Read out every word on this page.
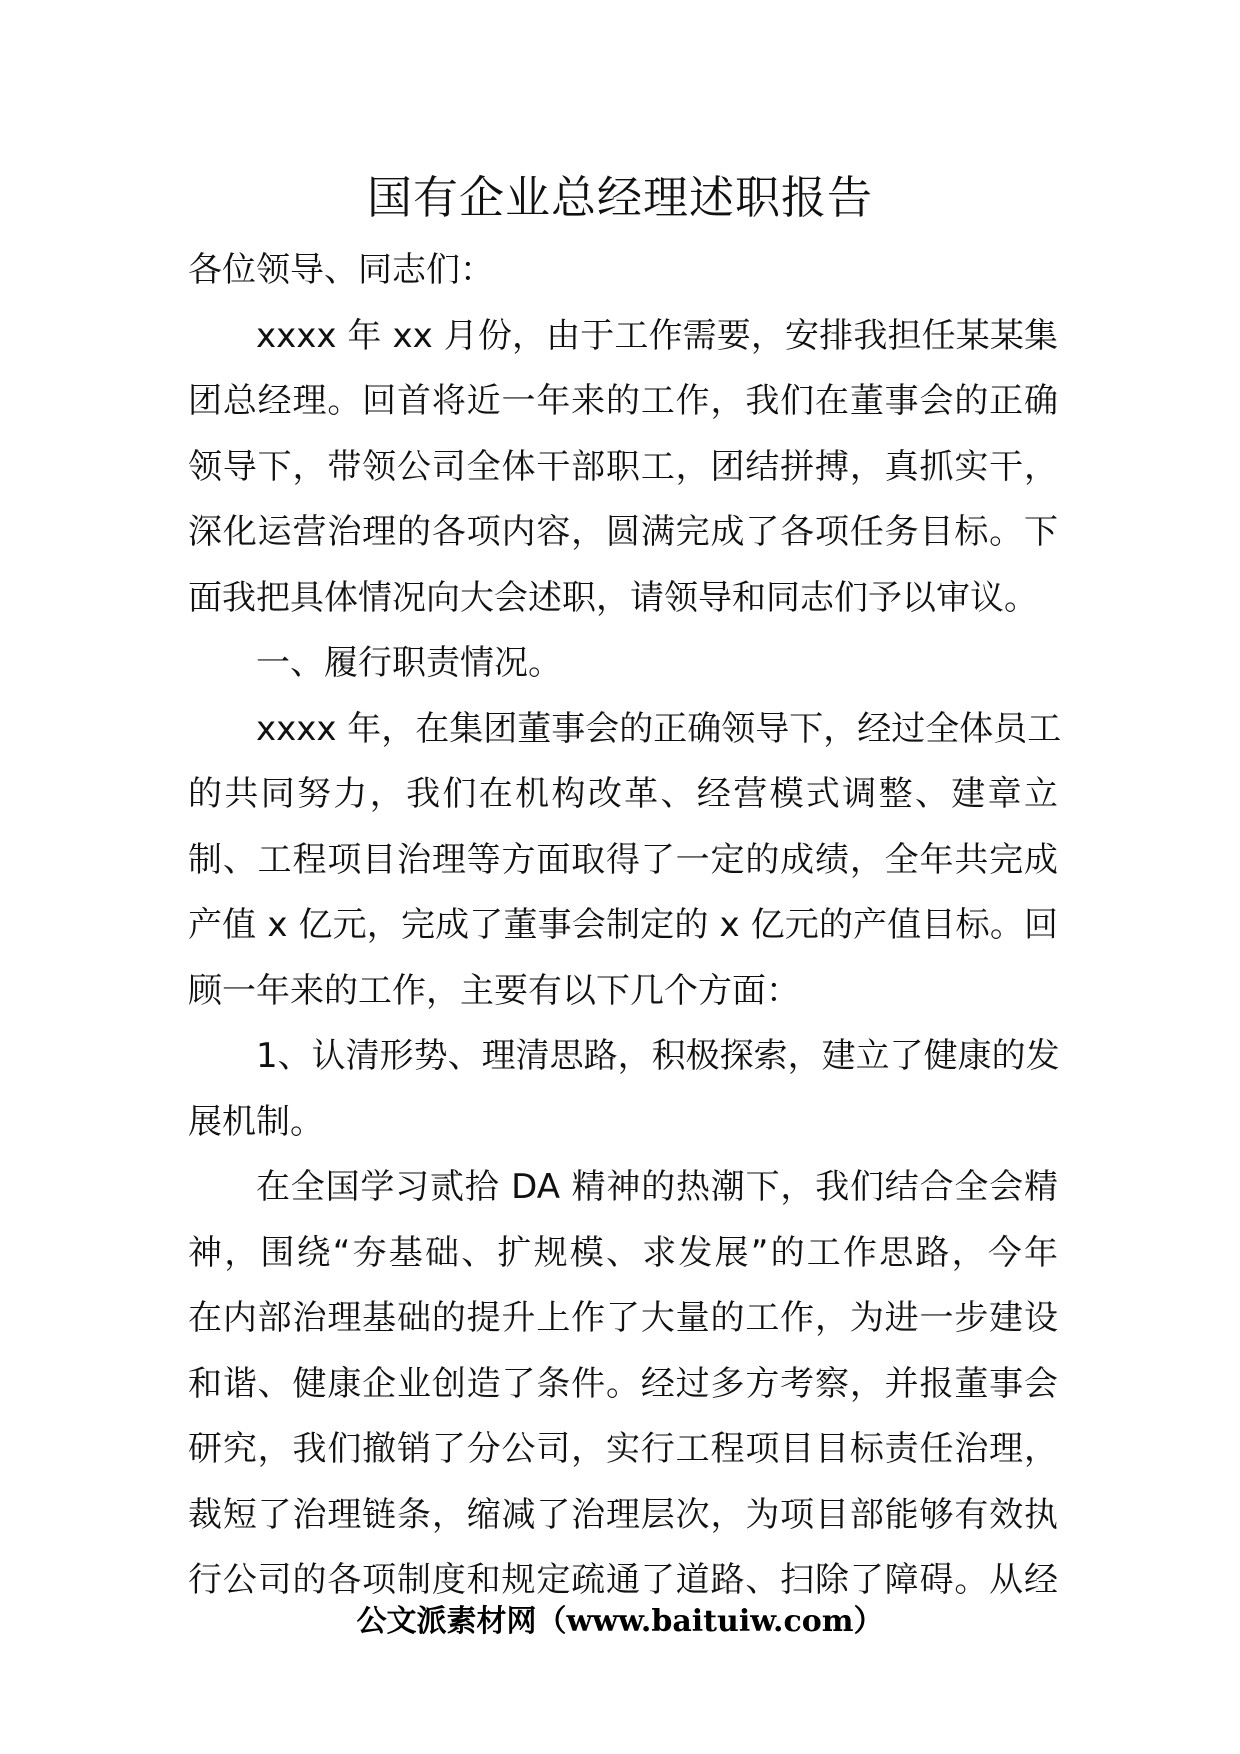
国有企业总经理述职报告
各位领导、同志们：
xxxx 年 xx 月份，由于工作需要，安排我担任某某集
团总经理。回首将近一年来的工作，我们在董事会的正确
领导下，带领公司全体干部职工，团结拼搏，真抓实干，
深化运营治理的各项内容，圆满完成了各项任务目标。下
面我把具体情况向大会述职，请领导和同志们予以审议。
一、履行职责情况。
xxxx 年，在集团董事会的正确领导下，经过全体员工
的共同努力，我们在机构改革、经营模式调整、建章立
制、工程项目治理等方面取得了一定的成绩，全年共完成
产值 x 亿元，完成了董事会制定的 x 亿元的产值目标。回
顾一年来的工作，主要有以下几个方面：
1、认清形势、理清思路，积极探索，建立了健康的发
展机制。
在全国学习贰拾 DA 精神的热潮下，我们结合全会精
神，围绕“夯基础、扩规模、求发展”的工作思路，今年
在内部治理基础的提升上作了大量的工作，为进一步建设
和谐、健康企业创造了条件。经过多方考察，并报董事会
研究，我们撤销了分公司，实行工程项目目标责任治理，
裁短了治理链条，缩减了治理层次，为项目部能够有效执
行公司的各项制度和规定疏通了道路、扫除了障碍。从经
公文派素材网（www.baituiw.com）
